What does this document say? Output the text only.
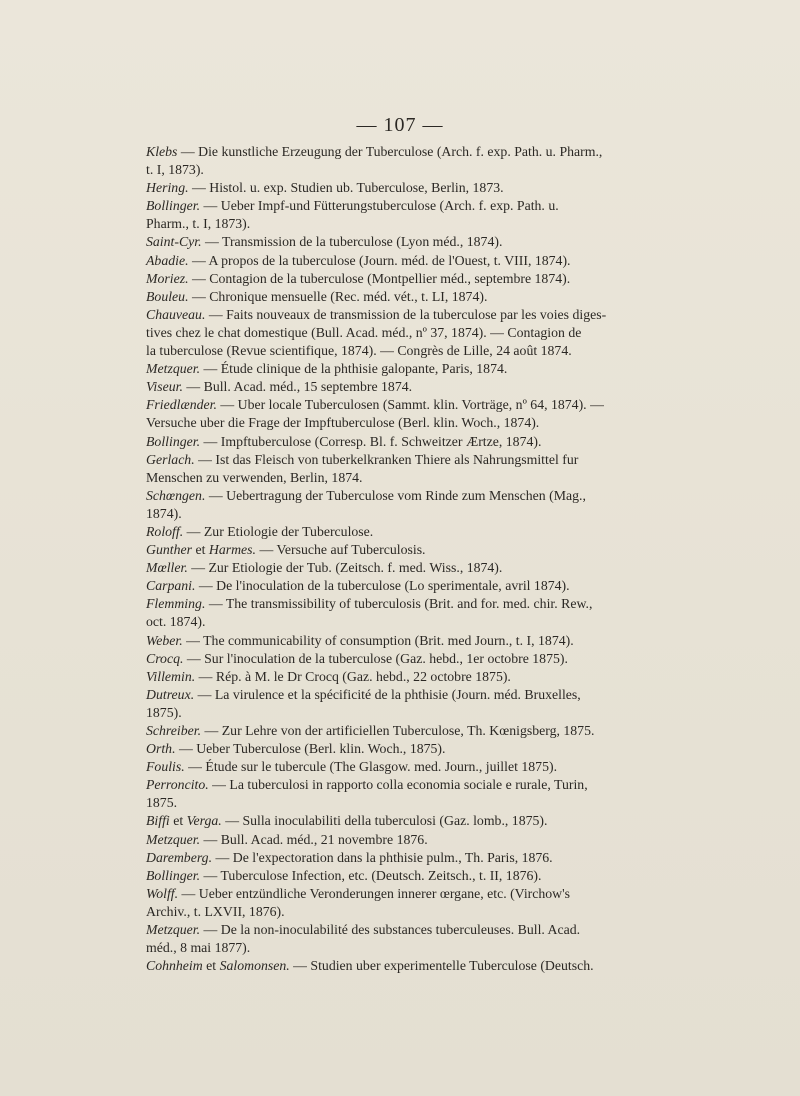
— 107 —
Klebs — Die kunstliche Erzeugung der Tuberculose (Arch. f. exp. Path. u. Pharm.,
t. I, 1873).
Hering. — Histol. u. exp. Studien ub. Tuberculose, Berlin, 1873.
Bollinger. — Ueber Impf-und Fütterungstuberculose (Arch. f. exp. Path. u.
Pharm., t. I, 1873).
Saint-Cyr. — Transmission de la tuberculose (Lyon méd., 1874).
Abadie. — A propos de la tuberculose (Journ. méd. de l'Ouest, t. VIII, 1874).
Moriez. — Contagion de la tuberculose (Montpellier méd., septembre 1874).
Bouleu. — Chronique mensuelle (Rec. méd. vét., t. LI, 1874).
Chauveau. — Faits nouveaux de transmission de la tuberculose par les voies diges-
tives chez le chat domestique (Bull. Acad. méd., nº 37, 1874). — Contagion de
la tuberculose (Revue scientifique, 1874). — Congrès de Lille, 24 août 1874.
Metzquer. — Étude clinique de la phthisie galopante, Paris, 1874.
Viseur. — Bull. Acad. méd., 15 septembre 1874.
Friedlænder. — Uber locale Tuberculosen (Sammt. klin. Vorträge, nº 64, 1874). —
Versuche uber die Frage der Impftuberculose (Berl. klin. Woch., 1874).
Bollinger. — Impftuberculose (Corresp. Bl. f. Schweitzer Ærtze, 1874).
Gerlach. — Ist das Fleisch von tuberkelkranken Thiere als Nahrungsmittel fur
Menschen zu verwenden, Berlin, 1874.
Schœngen. — Uebertragung der Tuberculose vom Rinde zum Menschen (Mag.,
1874).
Roloff. — Zur Etiologie der Tuberculose.
Gunther et Harmes. — Versuche auf Tuberculosis.
Mœller. — Zur Etiologie der Tub. (Zeitsch. f. med. Wiss., 1874).
Carpani. — De l'inoculation de la tuberculose (Lo sperimentale, avril 1874).
Flemming. — The transmissibility of tuberculosis (Brit. and for. med. chir. Rew.,
oct. 1874).
Weber. — The communicability of consumption (Brit. med Journ., t. I, 1874).
Crocq. — Sur l'inoculation de la tuberculose (Gaz. hebd., 1er octobre 1875).
Villemin. — Rép. à M. le Dr Crocq (Gaz. hebd., 22 octobre 1875).
Dutreux. — La virulence et la spécificité de la phthisie (Journ. méd. Bruxelles,
1875).
Schreiber. — Zur Lehre von der artificiellen Tuberculose, Th. Kœnigsberg, 1875.
Orth. — Ueber Tuberculose (Berl. klin. Woch., 1875).
Foulis. — Étude sur le tubercule (The Glasgow. med. Journ., juillet 1875).
Perroncito. — La tuberculosi in rapporto colla economia sociale e rurale, Turin,
1875.
Biffi et Verga. — Sulla inoculabiliti della tuberculosi (Gaz. lomb., 1875).
Metzquer. — Bull. Acad. méd., 21 novembre 1876.
Daremberg. — De l'expectoration dans la phthisie pulm., Th. Paris, 1876.
Bollinger. — Tuberculose Infection, etc. (Deutsch. Zeitsch., t. II, 1876).
Wolff. — Ueber entzündliche Veronderungen innerer œrgane, etc. (Virchow's
Archiv., t. LXVII, 1876).
Metzquer. — De la non-inoculabilité des substances tuberculeuses. Bull. Acad.
méd., 8 mai 1877).
Cohnheim et Salomonsen. — Studien uber experimentelle Tuberculose (Deutsch.
